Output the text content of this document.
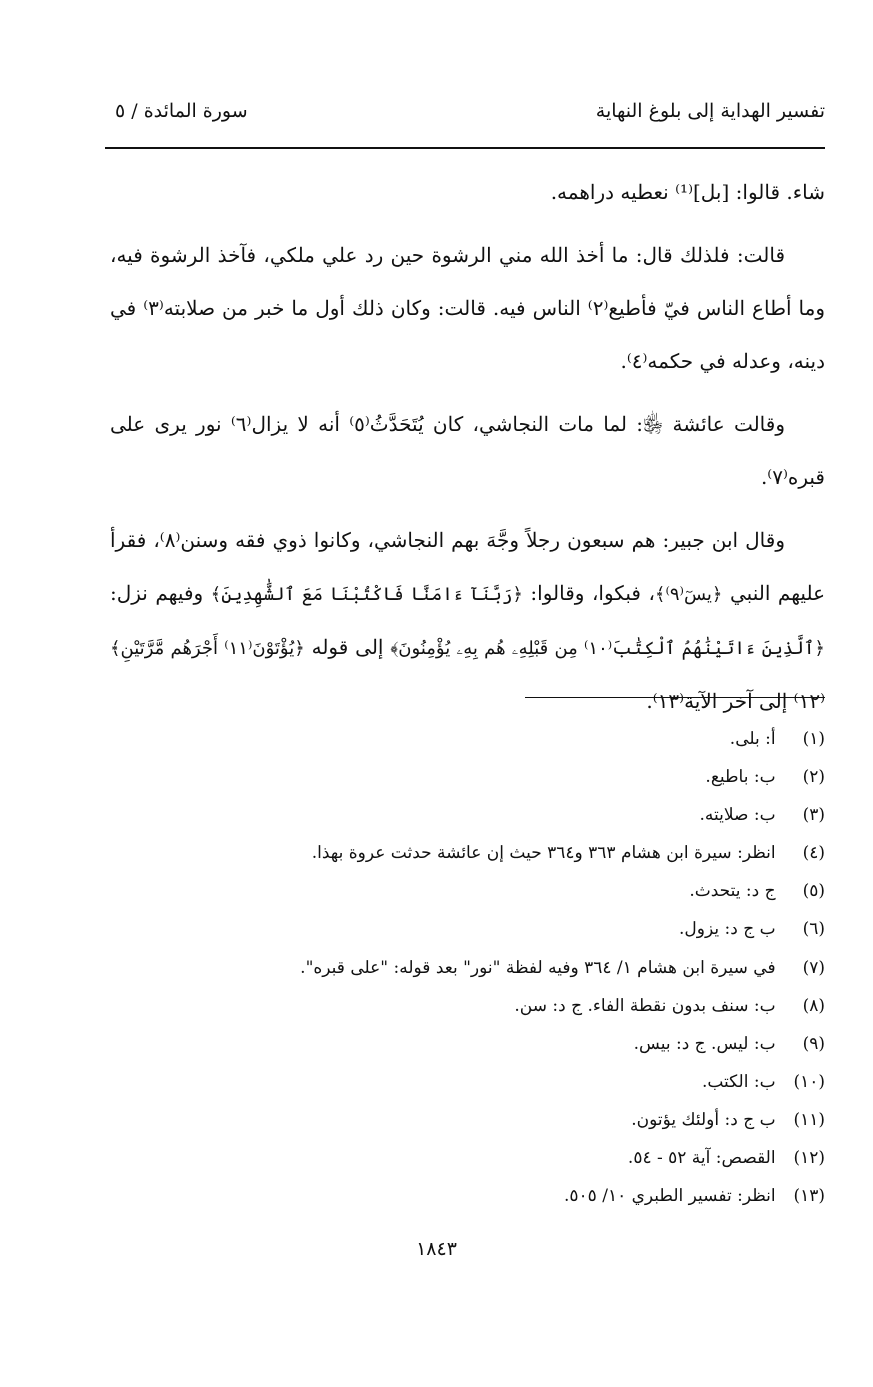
تفسير الهداية إلى بلوغ النهاية
سورة المائدة / ٥

شاء. قالوا: [بل]⁽¹⁾ نعطيه دراهمه.

قالت: فلذلك قال: ما أخذ الله مني الرشوة حين رد علي ملكي، فآخذ الرشوة فيه، وما أطاع الناس فيّ فأطيع⁽٢⁾ الناس فيه. قالت: وكان ذلك أول ما خبر من صلابته⁽٣⁾ في دينه، وعدله في حكمه⁽٤⁾.

وقالت عائشة ﵂: لما مات النجاشي، كان يُتَحَدَّثُ⁽٥⁾ أنه لا يزال⁽٦⁾ نور يرى على قبره⁽٧⁾.

وقال ابن جبير: هم سبعون رجلاً وجَّهَ بهم النجاشي، وكانوا ذوي فقه وسنن⁽٨⁾، فقرأ عليهم النبي ﴿يسٓ⁽٩⁾﴾، فبكوا، وقالوا: ﴿رَبَّنَآ ءَامَنَّا فَاكْتُبْنَا مَعَ ٱلشَّٰهِدِينَ﴾ وفيهم نزل: ﴿ٱلَّذِينَ ءَاتَيْنَٰهُمُ ٱلْكِتَٰبَ⁽١٠⁾ مِن قَبْلِهِۦ هُم بِهِۦ يُؤْمِنُونَ﴾ إلى قوله ﴿يُؤْتَوْنَ⁽١١⁾ أَجْرَهُم مَّرَّتَيْنِ﴾⁽١٢⁾ إلى آخر الآية⁽١٣⁾.

(١) أ: بلى.
(٢) ب: باطيع.
(٣) ب: صلايته.
(٤) انظر: سيرة ابن هشام ٣٦٣ و٣٦٤ حيث إن عائشة حدثت عروة بهذا.
(٥) ج د: يتحدث.
(٦) ب ج د: يزول.
(٧) في سيرة ابن هشام ١/ ٣٦٤ وفيه لفظة "نور" بعد قوله: "على قبره".
(٨) ب: سنف بدون نقطة الفاء. ج د: سن.
(٩) ب: ليس. ج د: بيس.
(١٠) ب: الكتب.
(١١) ب ج د: أولئك يؤتون.
(١٢) القصص: آية ٥٢ - ٥٤.
(١٣) انظر: تفسير الطبري ١٠/ ٥٠٥.
١٨٤٣
